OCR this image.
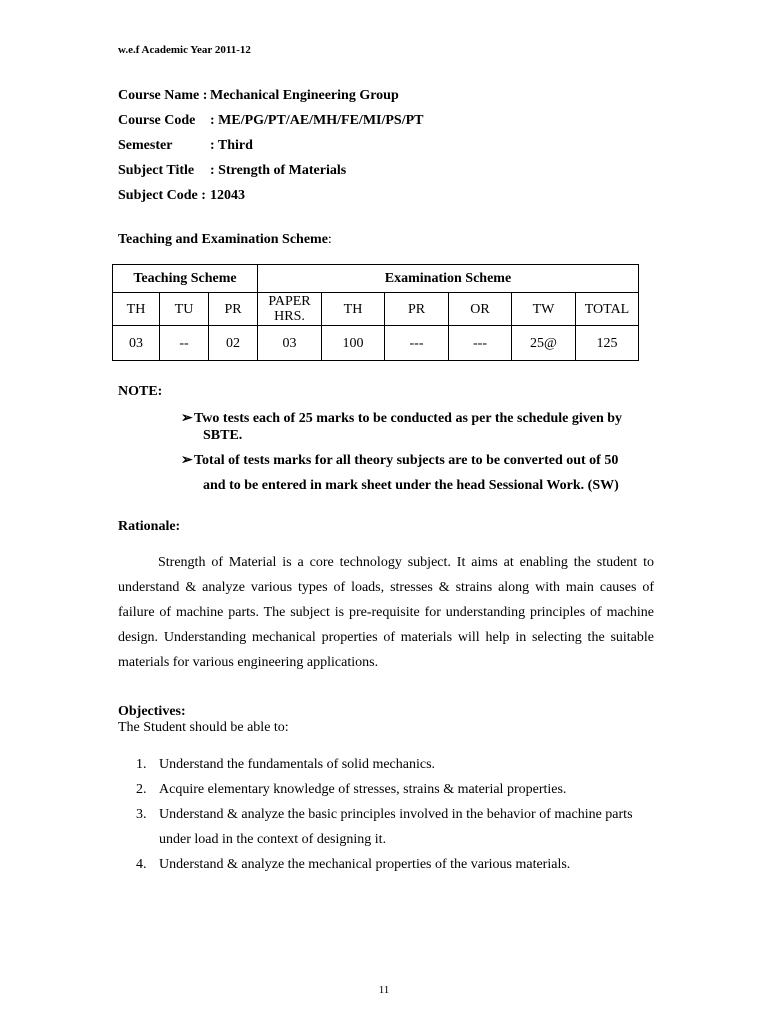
w.e.f Academic Year 2011-12
Course Name : Mechanical Engineering Group
Course Code : ME/PG/PT/AE/MH/FE/MI/PS/PT
Semester	: Third
Subject Title : Strength of Materials
Subject Code : 12043
Teaching and Examination Scheme:
Teaching Scheme			Examination Scheme					
TH	TU	PR	PAPER HRS.	TH	PR	OR	TW	TOTAL
03	--	02	03	100	---	---	25@	125
NOTE:
➢ Two tests each of 25 marks to be conducted as per the schedule given by
SBTE.
➢ Total of tests marks for all theory subjects are to be converted out of 50
and to be entered in mark sheet under the head Sessional Work. (SW)
Rationale:
Strength of Material is a core technology subject. It aims at enabling the student to understand & analyze various types of loads, stresses & strains along with main causes of failure of machine parts. The subject is pre-requisite for understanding principles of machine design. Understanding mechanical properties of materials will help in selecting the suitable materials for various engineering applications.
Objectives:
The Student should be able to:
1. Understand the fundamentals of solid mechanics.
2. Acquire elementary knowledge of stresses, strains & material properties.
3. Understand & analyze the basic principles involved in the behavior of machine parts under load in the context of designing it.
4. Understand & analyze the mechanical properties of the various materials.
11
